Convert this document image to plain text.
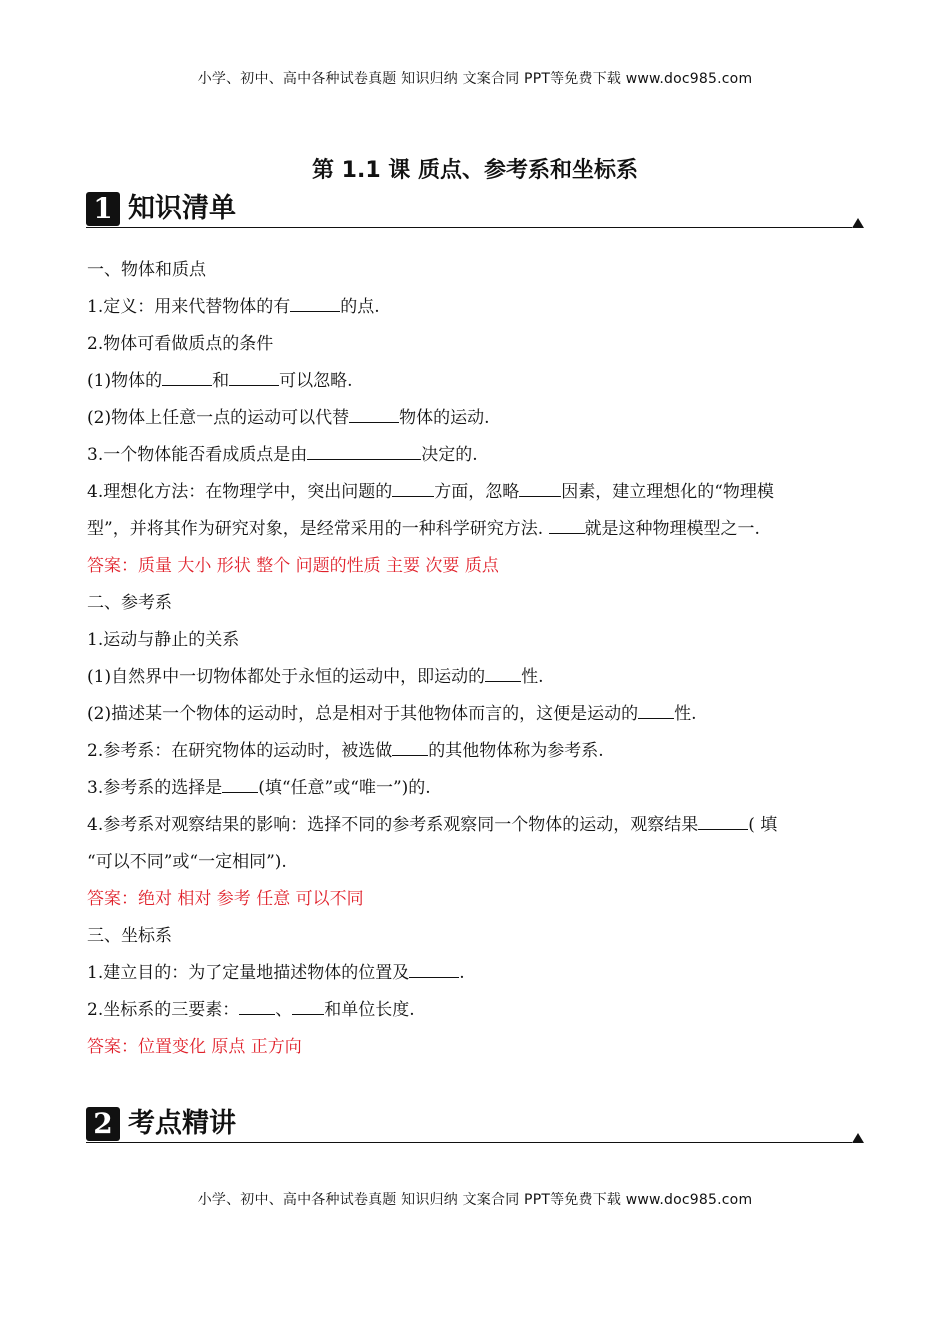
小学、初中、高中各种试卷真题 知识归纳 文案合同 PPT等免费下载 www.doc985.com
第 1.1 课 质点、参考系和坐标系
1 知识清单

一、物体和质点

1.定义：用来代替物体的有	的点.

2.物体可看做质点的条件

(1)物体的	和	可以忽略.

(2)物体上任意一点的运动可以代替	物体的运动.

3.一个物体能否看成质点是由	决定的.

4.理想化方法：在物理学中，突出问题的 方面，忽略 因素，建立理想化的“物理模

型”，并将其作为研究对象，是经常采用的一种科学研究方法. 就是这种物理模型之一.

答案：质量 大小 形状 整个 问题的性质 主要 次要 质点

二、参考系

1.运动与静止的关系

(1)自然界中一切物体都处于永恒的运动中，即运动的 性.

(2)描述某一个物体的运动时，总是相对于其他物体而言的，这便是运动的 性.

2.参考系：在研究物体的运动时，被选做 的其他物体称为参考系.

3.参考系的选择是 (填“任意”或“唯一”)的.

4.参考系对观察结果的影响：选择不同的参考系观察同一个物体的运动，观察结果	( 填

“可以不同”或“一定相同”).

答案：绝对 相对 参考 任意 可以不同

三、坐标系

1.建立目的：为了定量地描述物体的位置及	.

2.坐标系的三要素： 、 和单位长度.

答案：位置变化 原点 正方向

2 考点精讲
小学、初中、高中各种试卷真题 知识归纳 文案合同 PPT等免费下载 www.doc985.com
